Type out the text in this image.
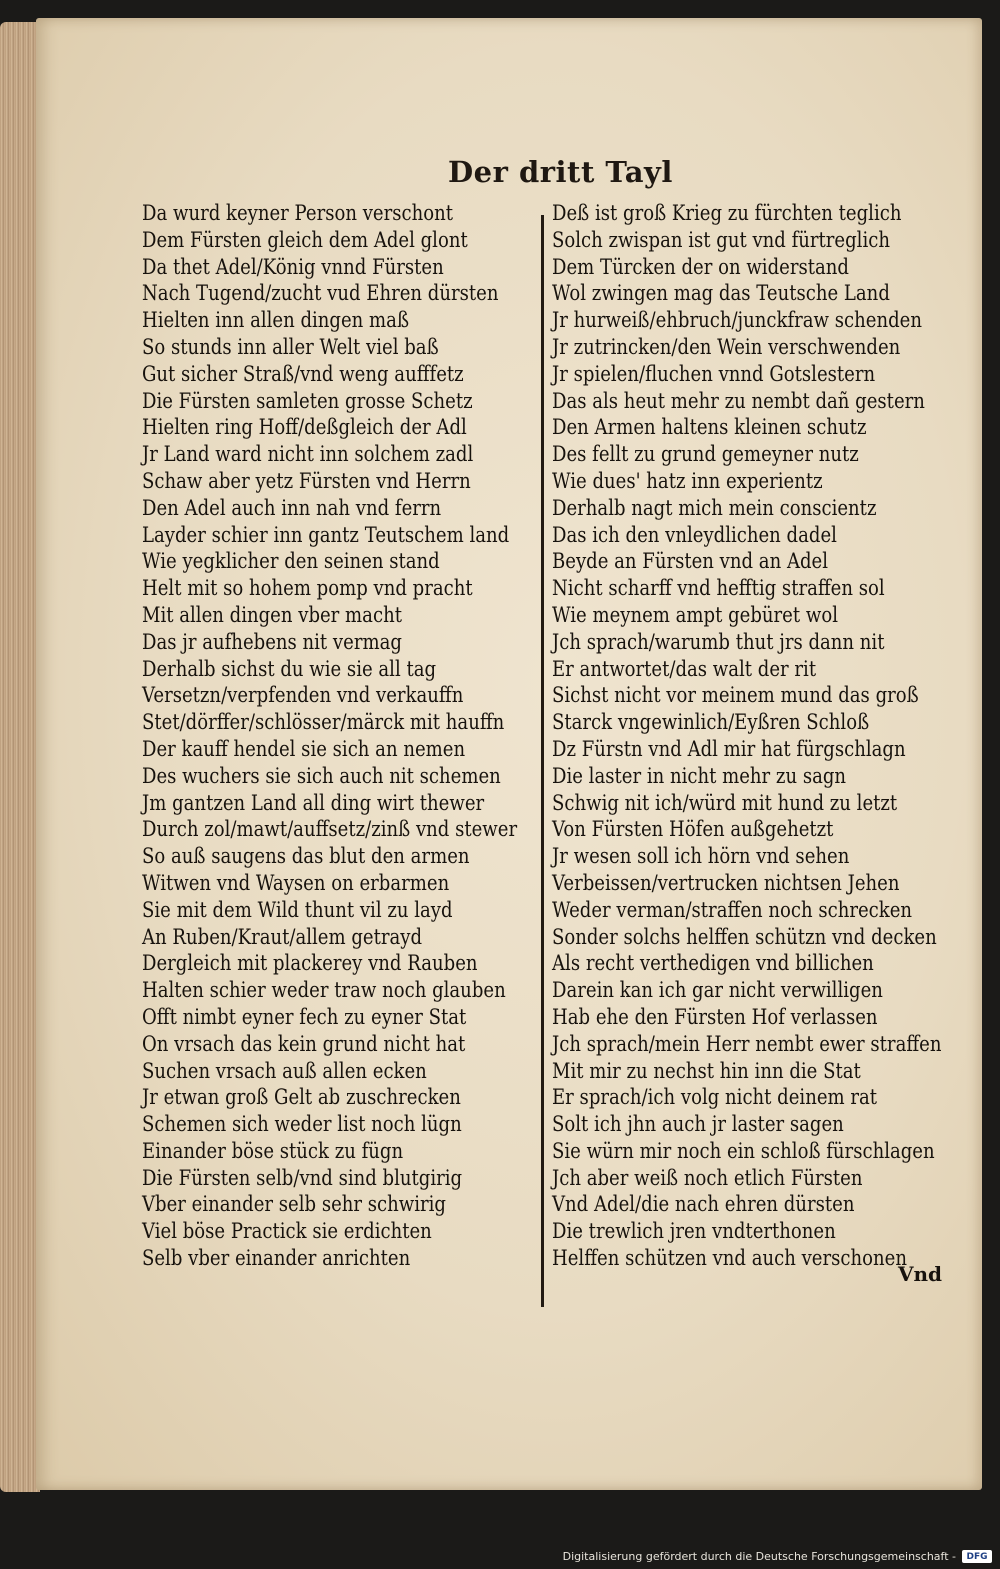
Der dritt Tayl
Da wurd keyner Person verschont
Dem Fürsten gleich dem Adel glont
Da thet Adel/König vnnd Fürsten
Nach Tugend/zucht vud Ehren dürsten
Hielten inn allen dingen maß
So stunds inn aller Welt viel baß
Gut sicher Straß/vnd weng aufffetz
Die Fürsten samleten grosse Schetz
Hielten ring Hoff/deßgleich der Adl
Jr Land ward nicht inn solchem zadl
Schaw aber yetz Fürsten vnd Herrn
Den Adel auch inn nah vnd ferrn
Layder schier inn gantz Teutschem land
Wie yegklicher den seinen stand
Helt mit so hohem pomp vnd pracht
Mit allen dingen vber macht
Das jr aufhebens nit vermag
Derhalb sichst du wie sie all tag
Versetzn/verpfenden vnd verkauffn
Stet/dörffer/schlösser/märck mit hauffn
Der kauff hendel sie sich an nemen
Des wuchers sie sich auch nit schemen
Jm gantzen Land all ding wirt thewer
Durch zol/mawt/auffsetz/zinß vnd stewer
So auß saugens das blut den armen
Witwen vnd Waysen on erbarmen
Sie mit dem Wild thunt vil zu layd
An Ruben/Kraut/allem getrayd
Dergleich mit plackerey vnd Rauben
Halten schier weder traw noch glauben
Offt nimbt eyner fech zu eyner Stat
On vrsach das kein grund nicht hat
Suchen vrsach auß allen ecken
Jr etwan groß Gelt ab zuschrecken
Schemen sich weder list noch lügn
Einander böse stück zu fügn
Die Fürsten selb/vnd sind blutgirig
Vber einander selb sehr schwirig
Viel böse Practick sie erdichten
Selb vber einander anrichten
Deß ist groß Krieg zu fürchten teglich
Solch zwispan ist gut vnd fürtreglich
Dem Türcken der on widerstand
Wol zwingen mag das Teutsche Land
Jr hurweiß/ehbruch/junckfraw schenden
Jr zutrincken/den Wein verschwenden
Jr spielen/fluchen vnnd Gotslestern
Das als heut mehr zu nembt dañ gestern
Den Armen haltens kleinen schutz
Des fellt zu grund gemeyner nutz
Wie dues' hatz inn experientz
Derhalb nagt mich mein conscientz
Das ich den vnleydlichen dadel
Beyde an Fürsten vnd an Adel
Nicht scharff vnd hefftig straffen sol
Wie meynem ampt gebüret wol
Jch sprach/warumb thut jrs dann nit
Er antwortet/das walt der rit
Sichst nicht vor meinem mund das groß
Starck vngewinlich/Eyßren Schloß
Dz Fürstn vnd Adl mir hat fürgschlagn
Die laster in nicht mehr zu sagn
Schwig nit ich/würd mit hund zu letzt
Von Fürsten Höfen außgehetzt
Jr wesen soll ich hörn vnd sehen
Verbeissen/vertrucken nichtsen Jehen
Weder verman/straffen noch schrecken
Sonder solchs helffen schützn vnd decken
Als recht verthedigen vnd billichen
Darein kan ich gar nicht verwilligen
Hab ehe den Fürsten Hof verlassen
Jch sprach/mein Herr nembt ewer straffen
Mit mir zu nechst hin inn die Stat
Er sprach/ich volg nicht deinem rat
Solt ich jhn auch jr laster sagen
Sie würn mir noch ein schloß fürschlagen
Jch aber weiß noch etlich Fürsten
Vnd Adel/die nach ehren dürsten
Die trewlich jren vndterthonen
Helffen schützen vnd auch verschonen
Vnd
Digitalisierung gefördert durch die Deutsche Forschungsgemeinschaft -	DFG
